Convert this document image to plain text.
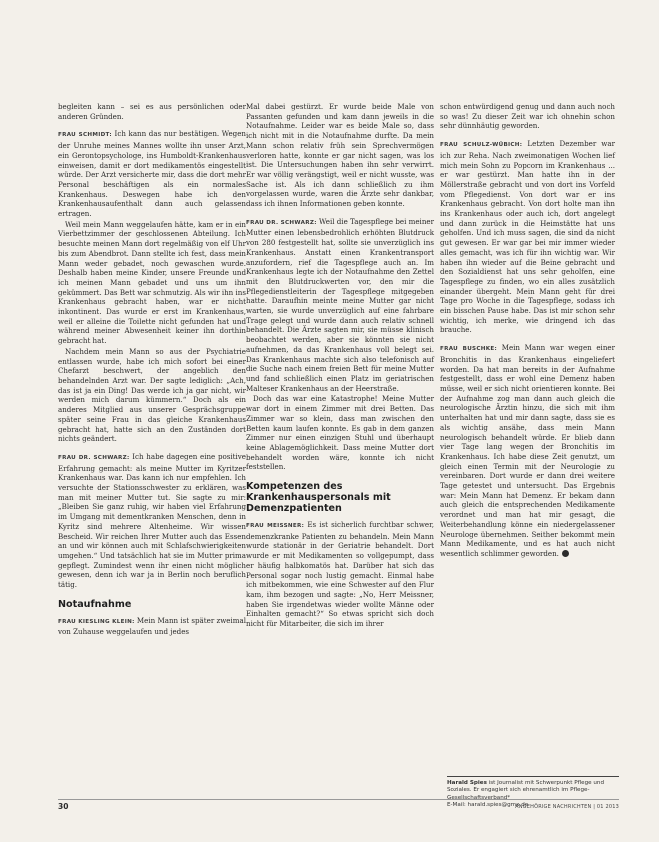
begleiten kann – sei es aus persönlichen oder anderen Gründen.

FRAU SCHMIDT: Ich kann das nur bestätigen. Wegen der Unruhe meines Mannes wollte ihn unser Arzt, ein Gerontopsychologe, ins Humboldt-Krankenhaus einweisen, damit er dort medikamentös eingestellt würde. Der Arzt versicherte mir, dass die dort mehr Personal beschäftigen als ein normales Krankenhaus. Deswegen habe ich den Krankenhausaufenthalt dann auch gelassen ertragen.

Weil mein Mann weggelaufen hätte, kam er in ein Vierbettzimmer der geschlossenen Abteilung. Ich besuchte meinen Mann dort regelmäßig von elf Uhr bis zum Abendbrot. Dann stellte ich fest, dass mein Mann weder gebadet, noch gewaschen wurde. Deshalb haben meine Kinder, unsere Freunde und ich meinen Mann gebadet und uns um ihn gekümmert. Das Bett war schmutzig. Als wir ihn ins Krankenhaus gebracht haben, war er nicht inkontinent. Das wurde er erst im Krankenhaus, weil er alleine die Toilette nicht gefunden hat und während meiner Abwesenheit keiner ihn dorthin gebracht hat.

Nachdem mein Mann so aus der Psychiatrie entlassen wurde, habe ich mich sofort bei einer Chefarzt beschwert, der angeblich den behandelnden Arzt war. Der sagte lediglich: „Ach, das ist ja ein Ding! Das werde ich ja gar nicht, wir werden mich darum kümmern.“ Doch als ein anderes Mitglied aus unserer Gesprächsgruppe später seine Frau in das gleiche Krankenhaus gebracht hat, hatte sich an den Zuständen dort nichts geändert.

FRAU DR. SCHWARZ: Ich habe dagegen eine positive Erfahrung gemacht: als meine Mutter im Kyritzer Krankenhaus war. Das kann ich nur empfehlen. Ich versuchte der Stationsschwester zu erklären, was man mit meiner Mutter tut. Sie sagte zu mir: „Bleiben Sie ganz ruhig, wir haben viel Erfahrung im Umgang mit dementkranken Menschen, denn in Kyritz sind mehrere Altenheime. Wir wissen Bescheid. Wir reichen Ihrer Mutter auch das Essen an und wir können auch mit Schlafschwierigkeiten umgehen.“ Und tatsächlich hat sie im Mutter prima gepflegt. Zumindest wenn ihr einen nicht möglich gewesen, denn ich war ja in Berlin noch beruflich tätig.

Notaufnahme

FRAU KIESLING KLEIN: Mein Mann ist später zweimal von Zuhause weggelaufen und jedes

Mal dabei gestürzt. Er wurde beide Male von Passanten gefunden und kam dann jeweils in die Notaufnahme. Leider war es beide Male so, dass ich nicht mit in die Notaufnahme durfte. Da mein Mann schon relativ früh sein Sprechvermögen verloren hatte, konnte er gar nicht sagen, was los ist. Die Untersuchungen haben ihn sehr verwirrt. Er war völlig verängstigt, weil er nicht wusste, was Sache ist. Als ich dann schließlich zu ihm vorgelassen wurde, waren die Ärzte sehr dankbar, dass ich ihnen Informationen geben konnte.

FRAU DR. SCHWARZ: Weil die Tagespflege bei meiner Mutter einen lebensbedrohlich erhöhten Blutdruck von 280 festgestellt hat, sollte sie unverzüglich ins Krankenhaus. Anstatt einen Krankentransport anzufordern, rief die Tagespflege auch an. Im Krankenhaus legte ich der Notaufnahme den Zettel mit den Blutdruckwerten vor, den mir die Pflegedienstleiterin der Tagespflege mitgegeben hatte. Daraufhin meinte meine Mutter gar nicht warten, sie wurde unverzüglich auf eine fahrbare Trage gelegt und wurde dann auch relativ schnell behandelt. Die Ärzte sagten mir, sie müsse klinisch beobachtet werden, aber sie könnten sie nicht aufnehmen, da das Krankenhaus voll belegt sei. Das Krankenhaus machte sich also telefonisch auf die Suche nach einem freien Bett für meine Mutter und fand schließlich einen Platz im geriatrischen Malteser Krankenhaus an der Heerstraße.

Doch das war eine Katastrophe! Meine Mutter war dort in einem Zimmer mit drei Betten. Das Zimmer war so klein, dass man zwischen den Betten kaum laufen konnte. Es gab in dem ganzen Zimmer nur einen einzigen Stuhl und überhaupt keine Ablagemöglichkeit. Dass meine Mutter dort behandelt worden wäre, konnte ich nicht feststellen.

Kompetenzen des Krankenhauspersonals mit Demenzpatienten

FRAU MEISSNER: Es ist sicherlich furchtbar schwer, demenzkranke Patienten zu behandeln. Mein Mann wurde stationär in der Geriatrie behandelt. Dort wurde er mit Medikamenten so vollgepumpt, dass er häufig halbkomatös hat. Darüber hat sich das Personal sogar noch lustig gemacht. Einmal habe ich mitbekommen, wie eine Schwester auf den Flur kam, ihm bezogen und sagte: „No, Herr Meissner, haben Sie irgendetwas wieder wollte Männe oder Einhalten gemacht?“ So etwas spricht sich doch nicht für Mitarbeiter, die sich im ihrer

schon entwürdigend genug und dann auch noch so was! Zu dieser Zeit war ich ohnehin schon sehr dünnhäutig geworden.

FRAU SCHULZ-WÜBICH: Letzten Dezember war ich zur Reha. Nach zweimonatigen Wochen lief mich mein Sohn zu Popcorn im Krankenhaus ... er war gestürzt. Man hatte ihn in der Möllerstraße gebracht und von dort ins Vorfeld vom Pflegedienst. Von dort war er ins Krankenhaus gebracht. Von dort holte man ihn ins Krankenhaus oder auch ich, dort angelegt und dann zurück in die Heimstätte hat uns geholfen. Und ich muss sagen, die sind da nicht gut gewesen. Er war gar bei mir immer wieder alles gemacht, was ich für ihn wichtig war. Wir haben ihn wieder auf die Beine gebracht und den Sozialdienst hat uns sehr geholfen, eine Tagespflege zu finden, wo ein alles zusätzlich einander übergeht. Mein Mann geht für drei Tage pro Woche in die Tagespflege, sodass ich ein bisschen Pause habe. Das ist mir schon sehr wichtig, ich merke, wie dringend ich das brauche.

FRAU BUSCHKE: Mein Mann war wegen einer Bronchitis in das Krankenhaus eingeliefert worden. Da hat man bereits in der Aufnahme festgestellt, dass er wohl eine Demenz haben müsse, weil er sich nicht orientieren konnte. Bei der Aufnahme zog man dann auch gleich die neurologische Ärztin hinzu, die sich mit ihm unterhalten hat und mir dann sagte, dass sie es als wichtig ansähe, dass mein Mann neurologisch behandelt würde. Er blieb dann vier Tage lang wegen der Bronchitis im Krankenhaus. Ich habe diese Zeit genutzt, um gleich einen Termin mit der Neurologie zu vereinbaren. Dort wurde er dann drei weitere Tage getestet und untersucht. Das Ergebnis war: Mein Mann hat Demenz. Er bekam dann auch gleich die entsprechenden Medikamente verordnet und man hat mir gesagt, die Weiterbehandlung könne ein niedergelassener Neurologe übernehmen. Seither bekommt mein Mann Medikamente, und es hat auch nicht wesentlich schlimmer geworden.

Harald Spies ist Journalist mit Schwerpunkt Pflege und Soziales. Er engagiert sich ehrenamtlich im Pflege-Gesellschaftsverband*
E-Mail: harald.spies@gmx.de
30	ANGEHÖRIGE NACHRICHTEN | 01 2013
